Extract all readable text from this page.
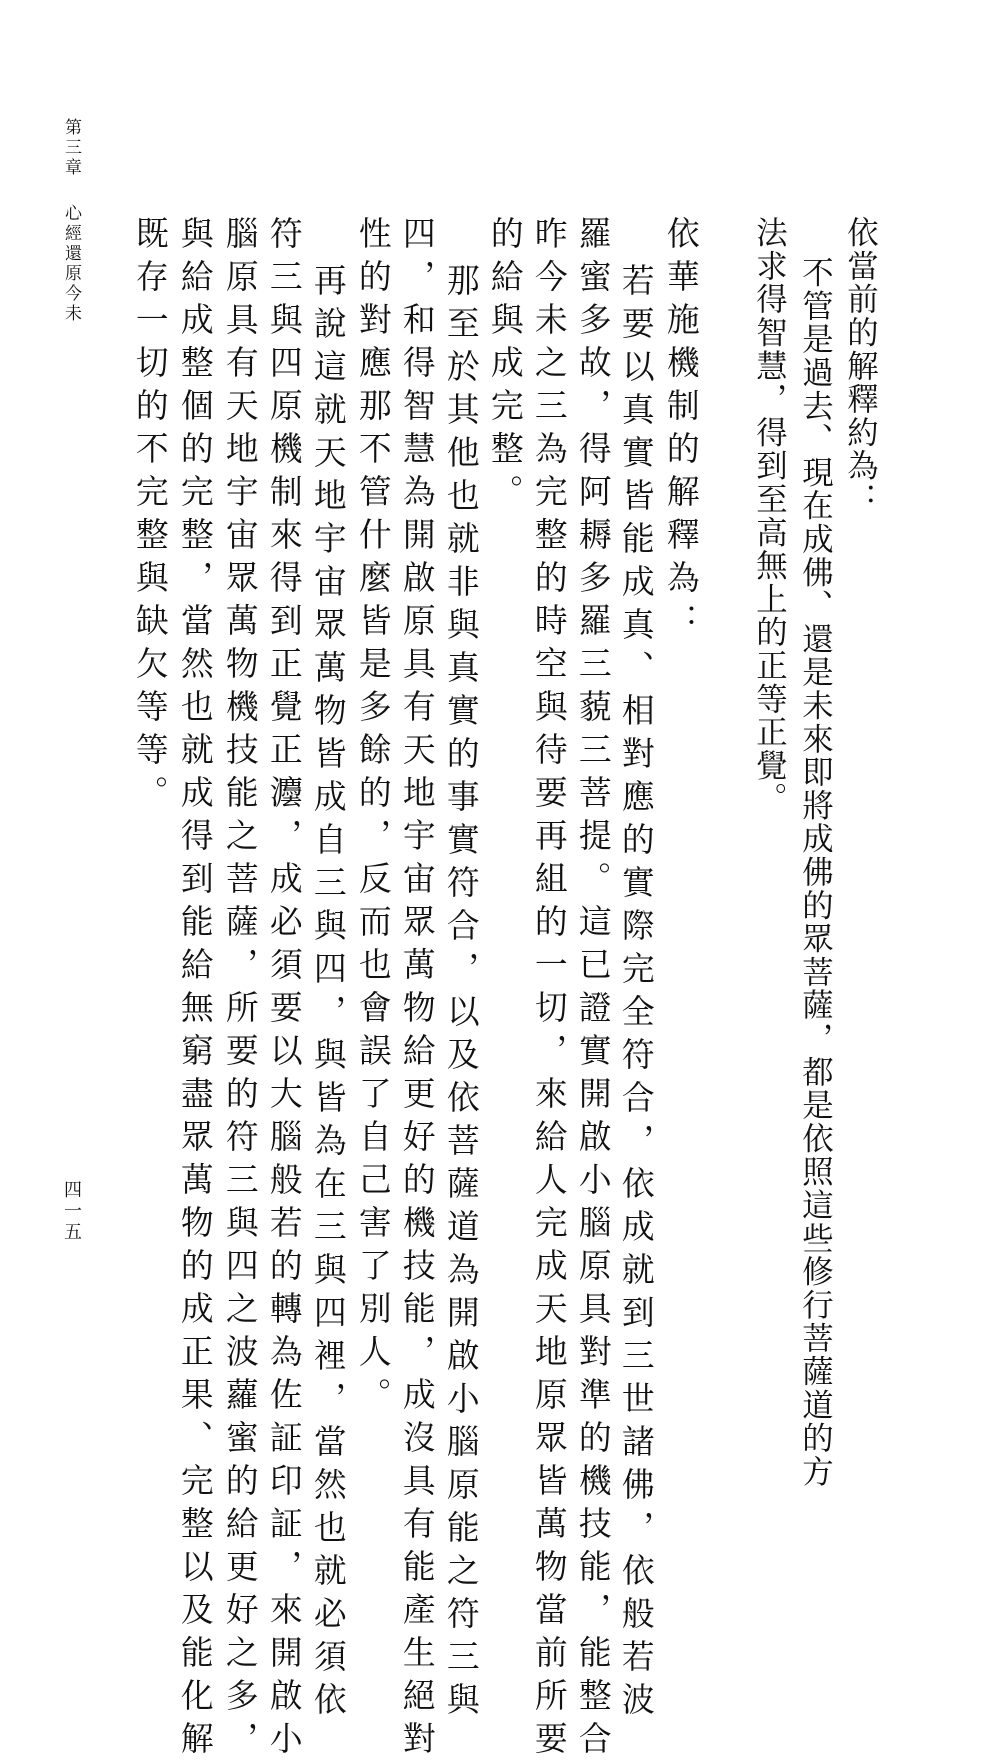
依當前的解釋約為：
不管是過去、現在成佛、還是未來即將成佛的眾菩薩，都是依照這些修行菩薩道的方
法求得智慧，得到至高無上的正等正覺。
依華施機制的解釋為：
若要以真實皆能成真、相對應的實際完全符合，依成就到三世諸佛，依般若波
羅蜜多故，得阿耨多羅三藐三菩提。這已證實開啟小腦原具對準的機技能，能整合
昨今未之三為完整的時空與待要再組的一切，來給人完成天地原眾皆萬物當前所要
的給與成完整。
那至於其他也就非與真實的事實符合，以及依菩薩道為開啟小腦原能之符三與
四，和得智慧為開啟原具有天地宇宙眾萬物給更好的機技能，成沒具有能產生絕對
性的對應那不管什麼皆是多餘的，反而也會誤了自己害了別人。
再說這就天地宇宙眾萬物皆成自三與四，與皆為在三與四裡，當然也就必須依
符三與四原機制來得到正覺正灋，成必須要以大腦般若的轉為佐証印証，來開啟小
腦原具有天地宇宙眾萬物機技能之菩薩，所要的符三與四之波蘿蜜的給更好之多，
與給成整個的完整，當然也就成得到能給無窮盡眾萬物的成正果、完整以及能化解
既存一切的不完整與缺欠等等。
第三章心經還原今未
四一五
